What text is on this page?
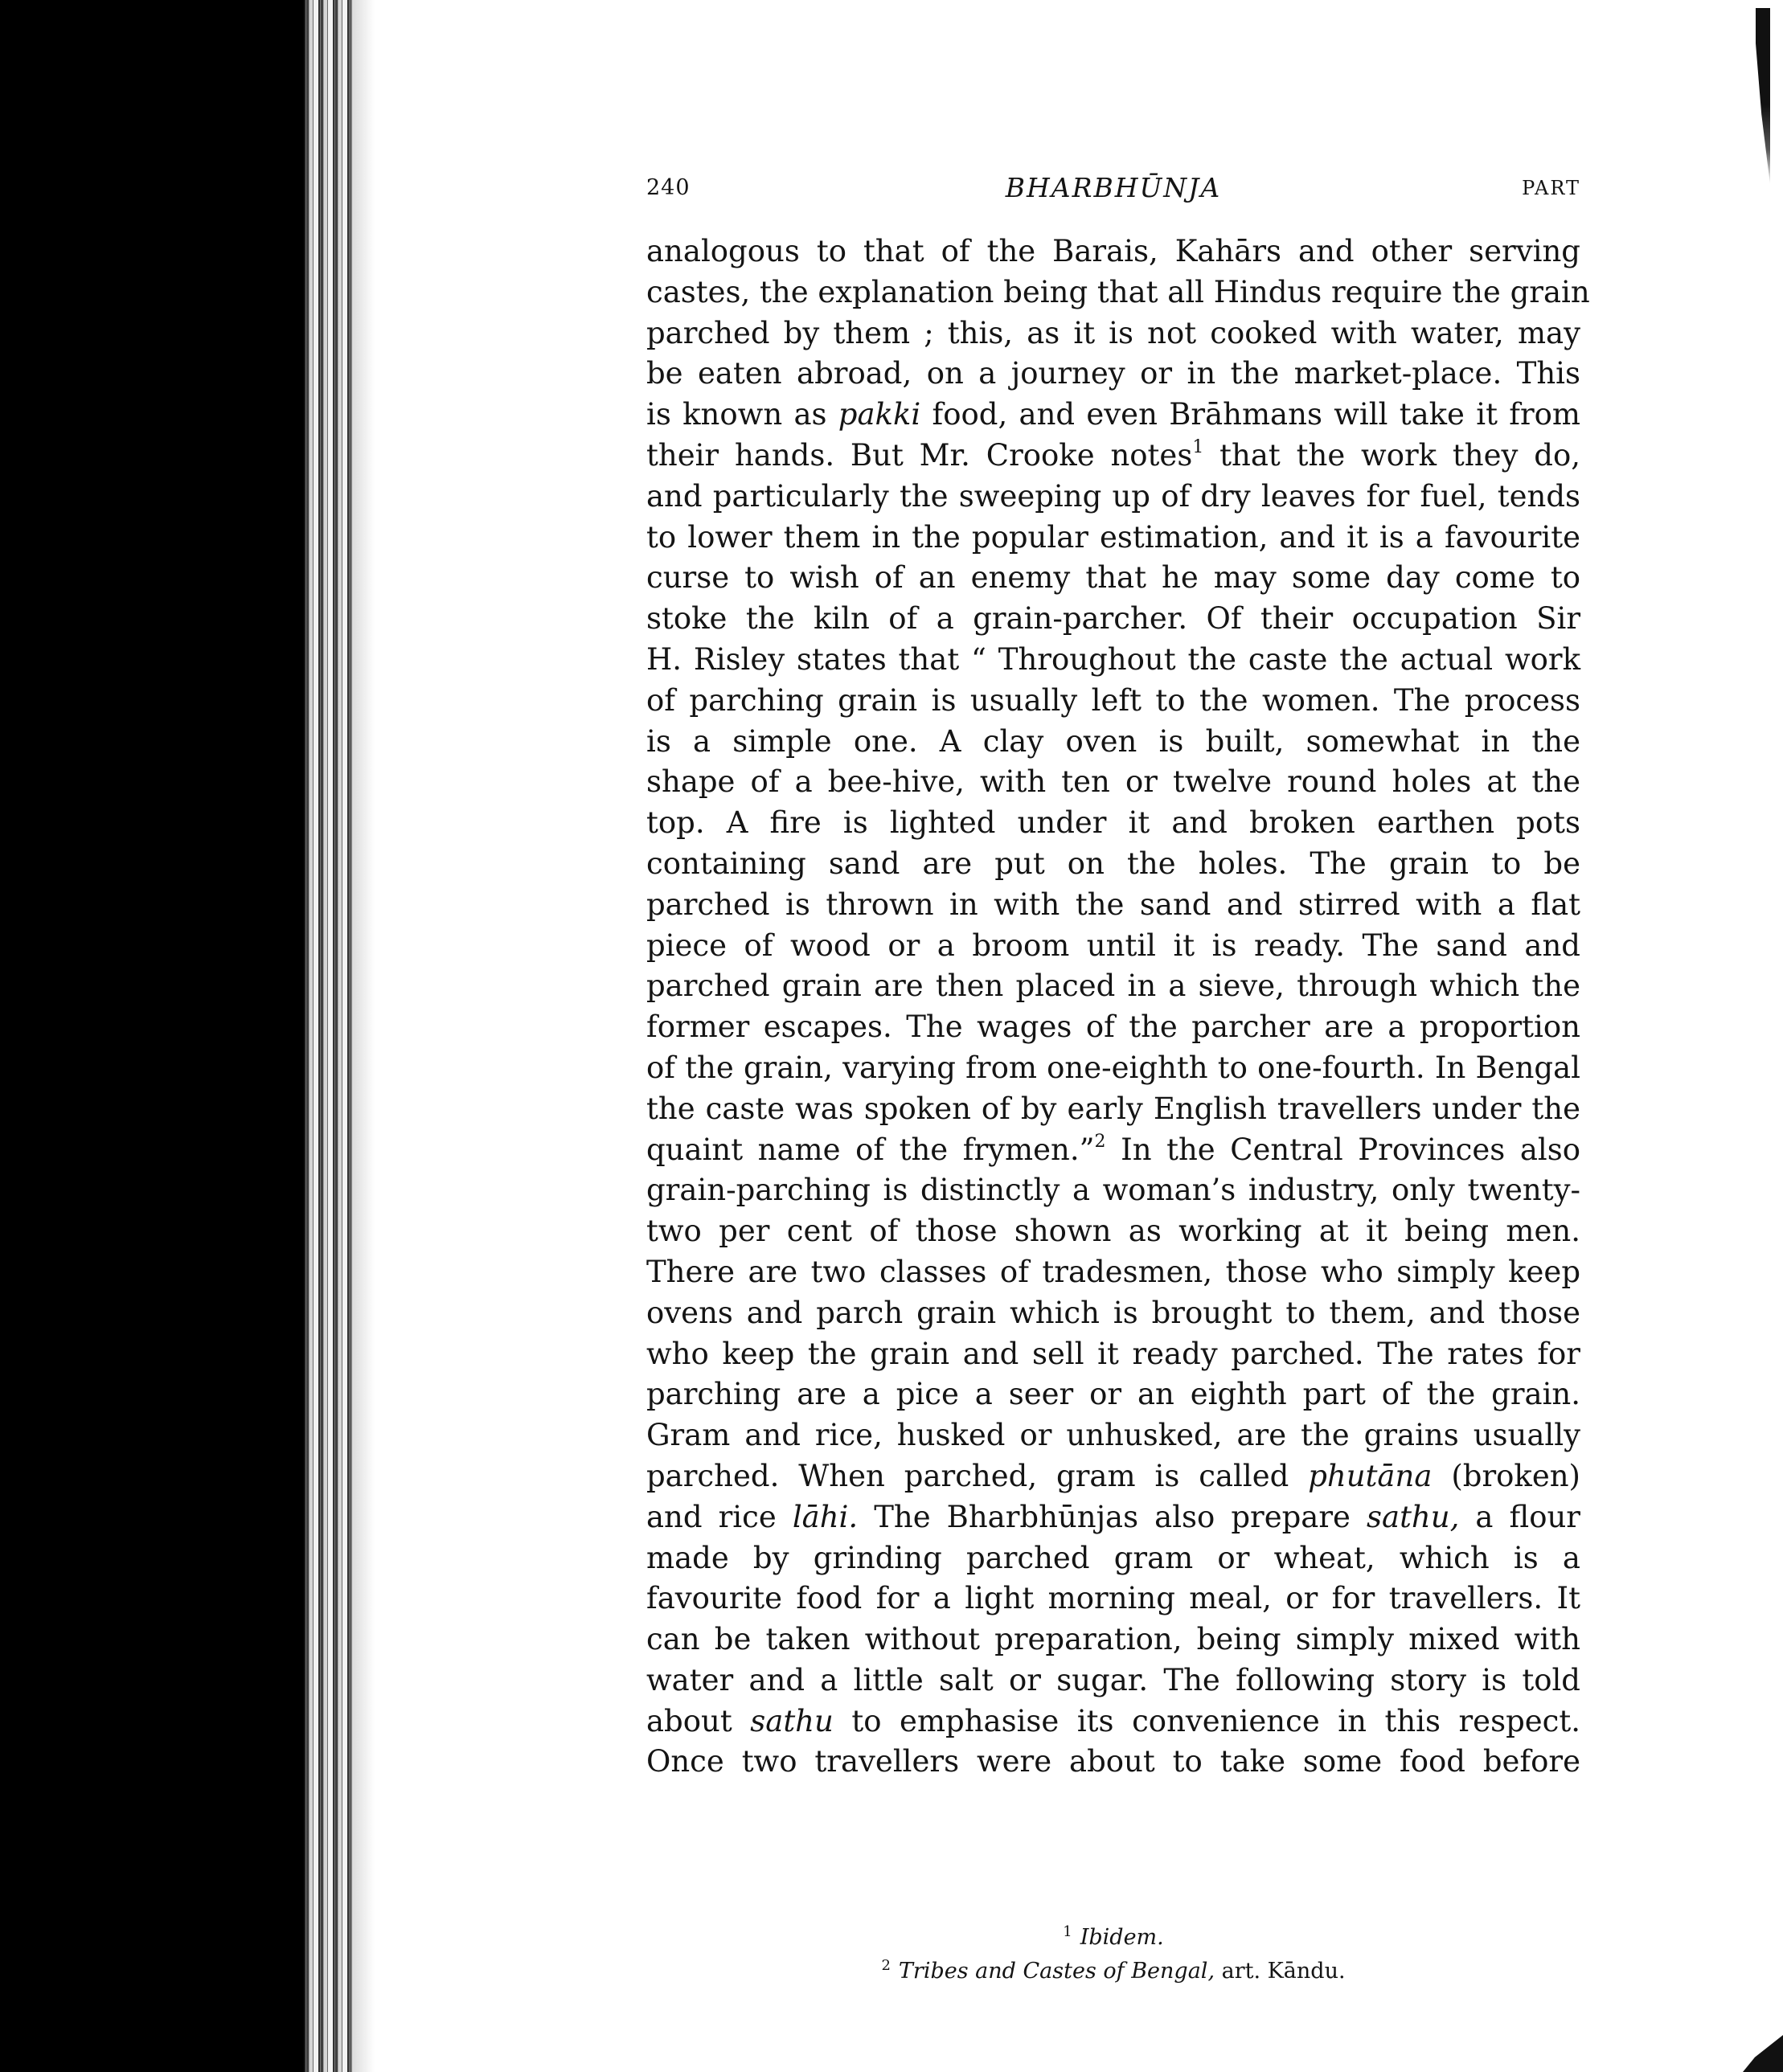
240	BHARBHŪNJA	PART
analogous to that of the Barais, Kahārs and other serving
castes, the explanation being that all Hindus require the grain
parched by them ; this, as it is not cooked with water, may
be eaten abroad, on a journey or in the market-place. This
is known as pakki food, and even Brāhmans will take it from
their hands. But Mr. Crooke notes$^1$ that the work they do,
and particularly the sweeping up of dry leaves for fuel, tends
to lower them in the popular estimation, and it is a favourite
curse to wish of an enemy that he may some day come to
stoke the kiln of a grain-parcher. Of their occupation Sir
H. Risley states that “ Throughout the caste the actual work
of parching grain is usually left to the women. The process
is a simple one. A clay oven is built, somewhat in the
shape of a bee-hive, with ten or twelve round holes at the
top. A fire is lighted under it and broken earthen pots
containing sand are put on the holes. The grain to be
parched is thrown in with the sand and stirred with a flat
piece of wood or a broom until it is ready. The sand and
parched grain are then placed in a sieve, through which the
former escapes. The wages of the parcher are a proportion
of the grain, varying from one-eighth to one-fourth. In Bengal
the caste was spoken of by early English travellers under the
quaint name of the frymen.”$^2$ In the Central Provinces also
grain-parching is distinctly a woman’s industry, only twenty-
two per cent of those shown as working at it being men.
There are two classes of tradesmen, those who simply keep
ovens and parch grain which is brought to them, and those
who keep the grain and sell it ready parched. The rates for
parching are a pice a seer or an eighth part of the grain.
Gram and rice, husked or unhusked, are the grains usually
parched. When parched, gram is called phutāna (broken)
and rice lāhi. The Bharbhūnjas also prepare sathu, a flour
made by grinding parched gram or wheat, which is a
favourite food for a light morning meal, or for travellers. It
can be taken without preparation, being simply mixed with
water and a little salt or sugar. The following story is told
about sathu to emphasise its convenience in this respect.
Once two travellers were about to take some food before
$^1$ Ibidem.
$^2$ Tribes and Castes of Bengal, art. Kāndu.
